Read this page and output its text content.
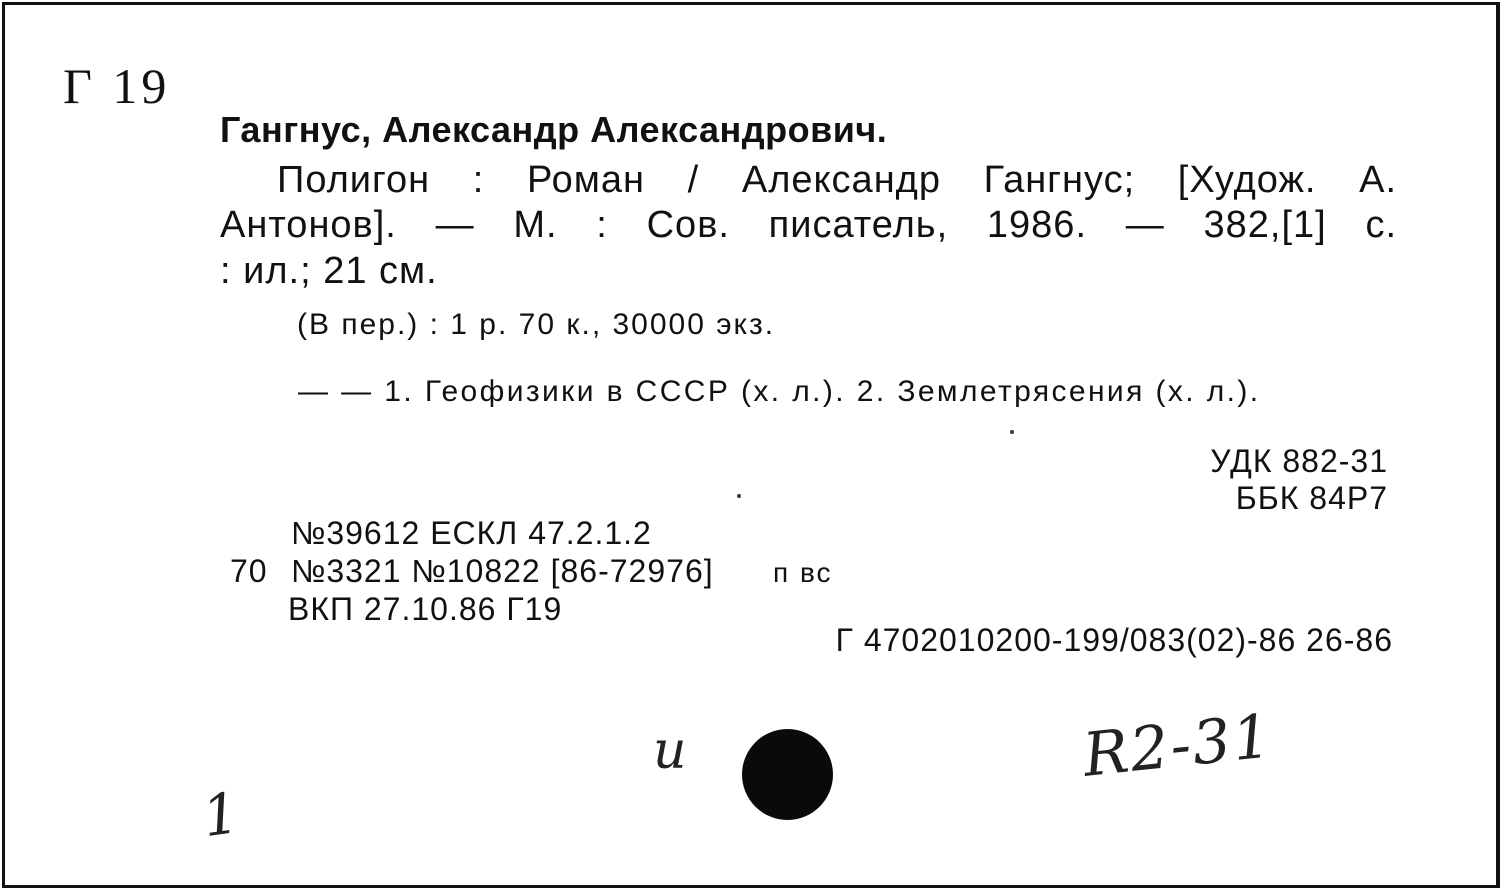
Г 19
Гангнус, Александр Александрович.
Полигон : Роман / Александр Гангнус; [Худож. А.
Антонов]. — М. : Сов. писатель, 1986. — 382,[1] с.
: ил.; 21 см.
(В пер.) : 1 р. 70 к., 30000 экз.
— — 1. Геофизики в СССР (х. л.). 2. Землетрясения (х. л.).
УДК 882-31
ББК 84Р7
№39612 ЕСКЛ 47.2.1.2
70 №3321 №10822 [86-72976] п вс
ВКП 27.10.86 Г19
Г 4702010200-199/083(02)-86 26-86
1
и	R2-31
